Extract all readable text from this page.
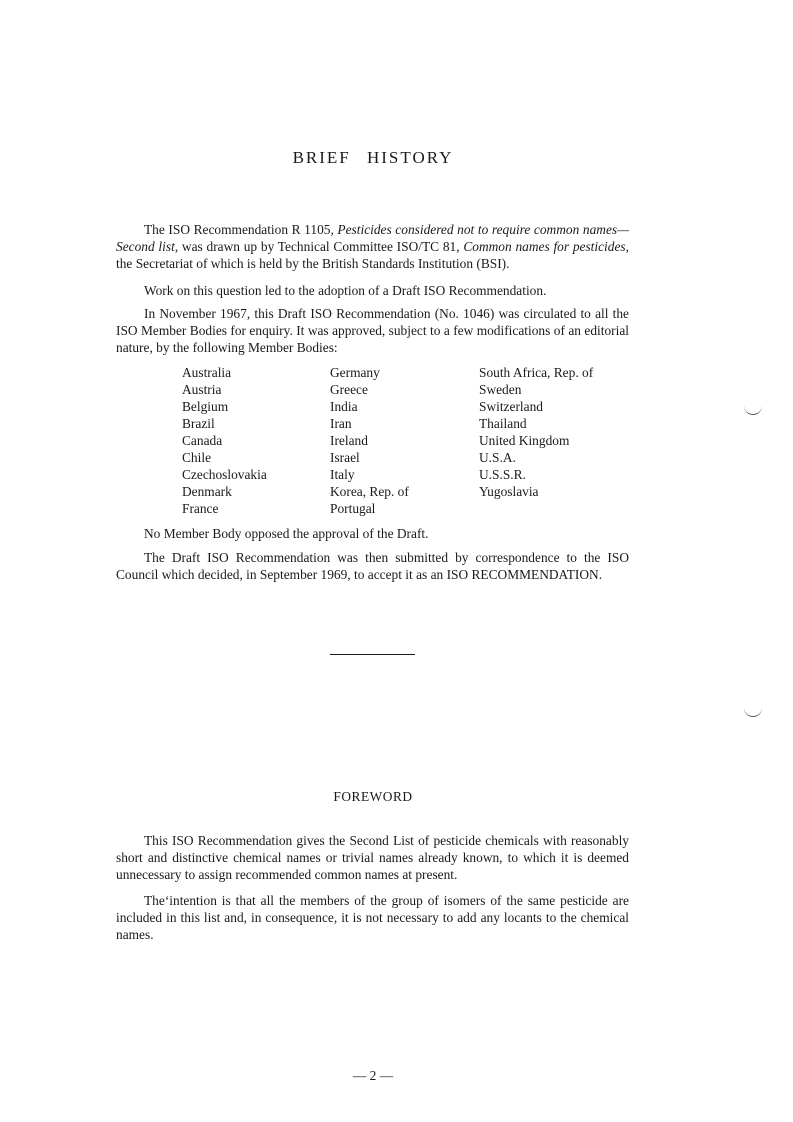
BRIEF HISTORY

The ISO Recommendation R 1105, Pesticides considered not to require common names—Second list, was drawn up by Technical Committee ISO/TC 81, Common names for pesticides, the Secretariat of which is held by the British Standards Institution (BSI).

Work on this question led to the adoption of a Draft ISO Recommendation.

In November 1967, this Draft ISO Recommendation (No. 1046) was circulated to all the ISO Member Bodies for enquiry. It was approved, subject to a few modifications of an editorial nature, by the following Member Bodies:

Australia
Austria
Belgium
Brazil
Canada
Chile
Czechoslovakia
Denmark
France
Germany
Greece
India
Iran
Ireland
Israel
Italy
Korea, Rep. of
Portugal
South Africa, Rep. of
Sweden
Switzerland
Thailand
United Kingdom
U.S.A.
U.S.S.R.
Yugoslavia

No Member Body opposed the approval of the Draft.

The Draft ISO Recommendation was then submitted by correspondence to the ISO Council which decided, in September 1969, to accept it as an ISO RECOMMENDATION.

FOREWORD

This ISO Recommendation gives the Second List of pesticide chemicals with reasonably short and distinctive chemical names or trivial names already known, to which it is deemed unnecessary to assign recommended common names at present.

The‘intention is that all the members of the group of isomers of the same pesticide are included in this list and, in consequence, it is not necessary to add any locants to the chemical names.

— 2 —
